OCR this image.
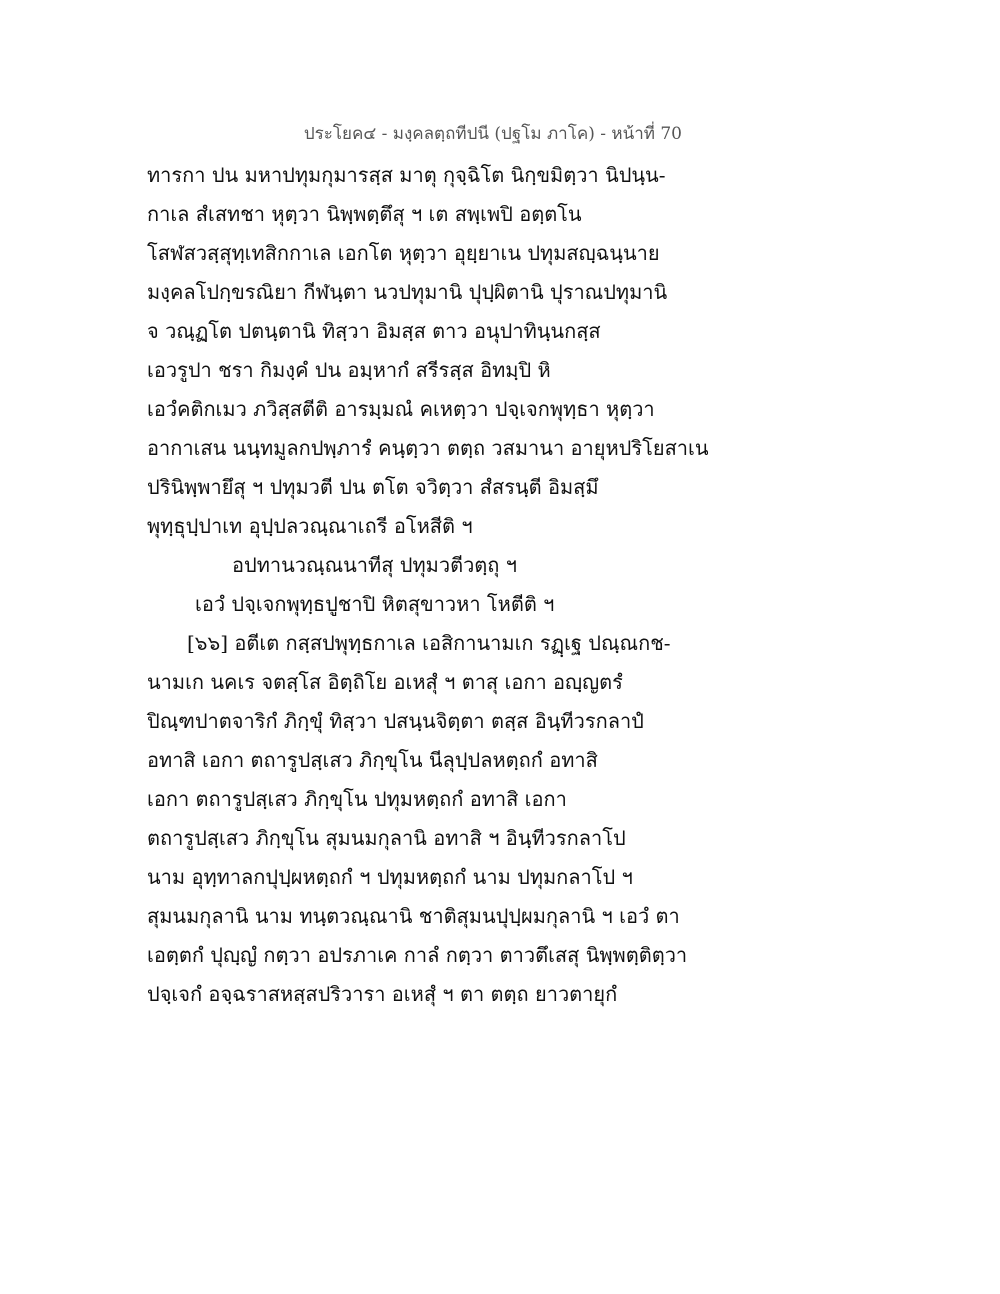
ประโยค๔ - มงฺคลตฺถทีปนี (ปฐโม ภาโค) - หน้าที่ 70
ทารกา ปน มหาปทุมกุมารสฺส มาตุ กุจฺฉิโต นิกฺขมิตฺวา นิปนฺน-
กาเล สํเสทชา หุตฺวา นิพฺพตฺตึสุ ฯ เต สพฺเพปิ อตฺตโน
โสฬสวสฺสุทฺเทสิกกาเล เอกโต หุตฺวา อุยฺยาเน ปทุมสญฺฉนฺนาย
มงฺคลโปกฺขรณิยา กีฬนฺตา นวปทุมานิ ปุปฺผิตานิ ปุราณปทุมานิ
จ วณฺฏโต ปตนฺตานิ ทิสฺวา อิมสฺส ตาว อนุปาทินฺนกสฺส
เอวรูปา ชรา กิมงฺคํ ปน อมฺหากํ สรีรสฺส อิทมฺปิ หิ
เอวํคติกเมว ภวิสฺสตีติ อารมฺมณํ คเหตฺวา ปจฺเจกพุทฺธา หุตฺวา
อากาเสน นนฺทมูลกปพฺภารํ คนฺตฺวา ตตฺถ วสมานา อายุหปริโยสาเน
ปรินิพฺพายึสุ ฯ ปทุมวตี ปน ตโต จวิตฺวา สํสรนฺตี อิมสฺมึ
พุทฺธุปฺปาเท อุปฺปลวณฺณาเถรี อโหสีติ ฯ
อปทานวณฺณนาทีสุ ปทุมวตีวตฺถุ ฯ
เอวํ ปจฺเจกพุทฺธปูชาปิ หิตสุขาวหา โหตีติ ฯ
[๖๖] อตีเต กสฺสปพุทฺธกาเล เอสิกานามเก รฏฺเฐ ปณฺณกช-
นามเก นคเร จตสฺโส อิตฺถิโย อเหสุํ ฯ ตาสุ เอกา อญฺญตรํ
ปิณฺฑปาตจาริกํ ภิกฺขุํ ทิสฺวา ปสนฺนจิตฺตา ตสฺส อินฺทีวรกลาปํ
อทาสิ เอกา ตถารูปสฺเสว ภิกฺขุโน นีลุปฺปลหตฺถกํ อทาสิ
เอกา ตถารูปสฺเสว ภิกฺขุโน ปทุมหตฺถกํ อทาสิ เอกา
ตถารูปสฺเสว ภิกฺขุโน สุมนมกุลานิ อทาสิ ฯ อินฺทีวรกลาโป
นาม อุทฺทาลกปุปฺผหตฺถกํ ฯ ปทุมหตฺถกํ นาม ปทุมกลาโป ฯ
สุมนมกุลานิ นาม ทนฺตวณฺณานิ ชาติสุมนปุปฺผมกุลานิ ฯ เอวํ ตา
เอตฺตกํ ปุญฺญํ กตฺวา อปรภาเค กาลํ กตฺวา ตาวตึเสสุ นิพฺพตฺติตฺวา
ปจฺเจกํ อจฺฉราสหสฺสปริวารา อเหสุํ ฯ ตา ตตฺถ ยาวตายุกํ
